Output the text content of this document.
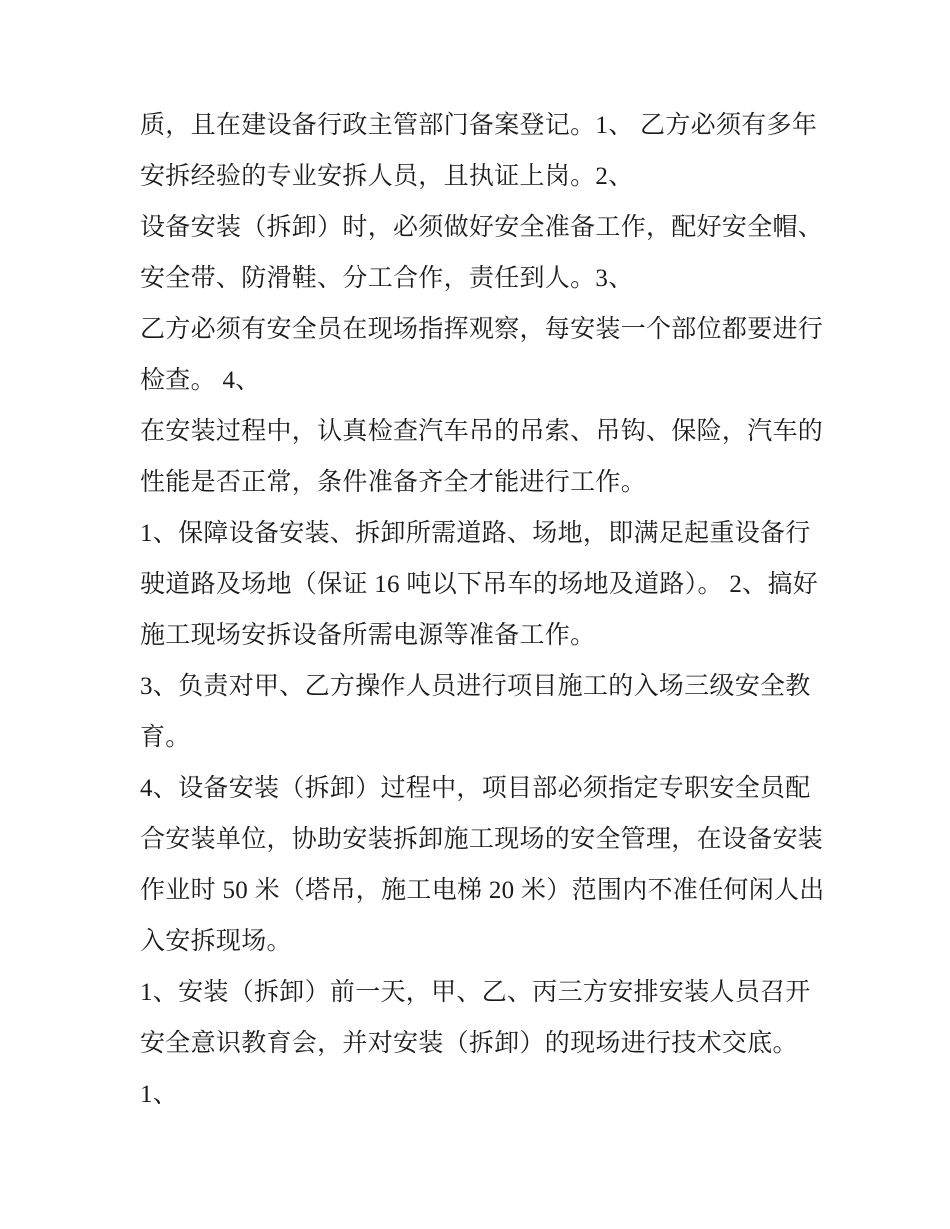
质，且在建设备行政主管部门备案登记。1、 乙方必须有多年
安拆经验的专业安拆人员，且执证上岗。2、
设备安装（拆卸）时，必须做好安全准备工作，配好安全帽、
安全带、防滑鞋、分工合作，责任到人。3、
乙方必须有安全员在现场指挥观察，每安装一个部位都要进行
检查。 4、
在安装过程中，认真检查汽车吊的吊索、吊钩、保险，汽车的
性能是否正常，条件准备齐全才能进行工作。
1、保障设备安装、拆卸所需道路、场地，即满足起重设备行
驶道路及场地（保证 16 吨以下吊车的场地及道路）。 2、搞好
施工现场安拆设备所需电源等准备工作。
3、负责对甲、乙方操作人员进行项目施工的入场三级安全教
育。
4、设备安装（拆卸）过程中，项目部必须指定专职安全员配
合安装单位，协助安装拆卸施工现场的安全管理，在设备安装
作业时 50 米（塔吊，施工电梯 20 米）范围内不准任何闲人出
入安拆现场。
1、安装（拆卸）前一天，甲、乙、丙三方安排安装人员召开
安全意识教育会，并对安装（拆卸）的现场进行技术交底。
1、
